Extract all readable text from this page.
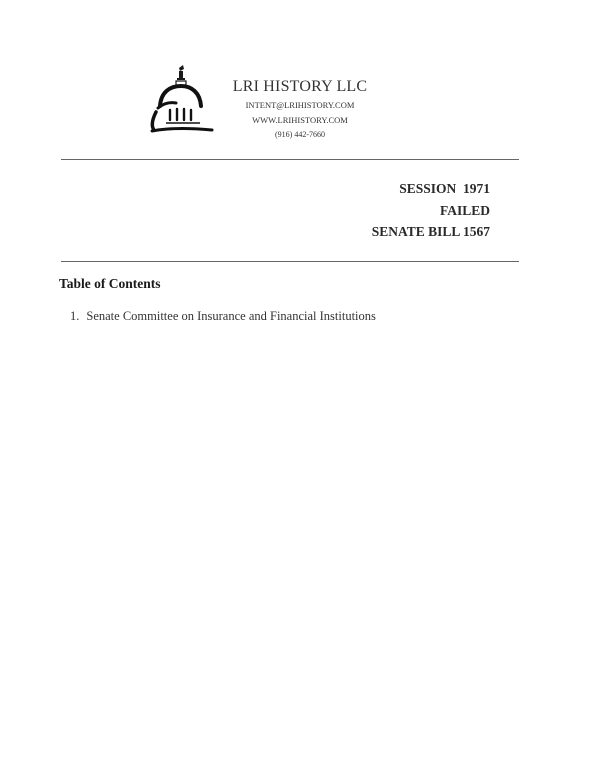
LRI HISTORY LLC
INTENT@LRIHISTORY.COM
WWW.LRIHISTORY.COM
(916) 442-7660
SESSION  1971
FAILED
SENATE BILL 1567
Table of Contents
1. Senate Committee on Insurance and Financial Institutions
